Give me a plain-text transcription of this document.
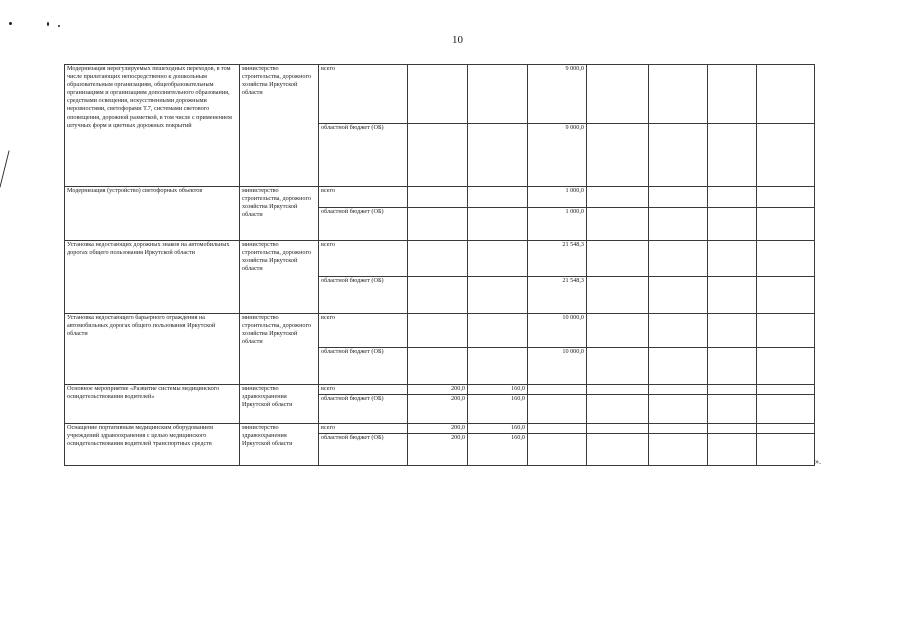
10
Модернизация нерегулируемых пешеходных переходов, в том числе прилегающих непосредственно к дошкольным образовательным организациям, общеобразовательным организациям и организациям дополнительного образования, средствами освещения, искусственными дорожными неровностями, светофорами Т.7, системами светового оповещения, дорожной разметкой, в том числе с применением штучных форм и цветных дорожных покрытий	министерство строительства, дорожного хозяйства Иркутской области	всего			9 000,0				
		областной бюджет (ОБ)			9 000,0				
Модернизация (устройство) светофорных объектов	министерство строительства, дорожного хозяйства Иркутской области	всего			1 000,0				
		областной бюджет (ОБ)			1 000,0				
Установка недостающих дорожных знаков на автомобильных дорогах общего пользования Иркутской области	министерство строительства, дорожного хозяйства Иркутской области	всего			21 548,3				
		областной бюджет (ОБ)			21 548,3				
Установка недостающего барьерного ограждения на автомобильных дорогах общего пользования Иркутской области	министерство строительства, дорожного хозяйства Иркутской области	всего			10 000,0				
		областной бюджет (ОБ)			10 000,0				
Основное мероприятие «Развитие системы медицинского освидетельствования водителей»	министерство здравоохранения Иркутской области	всего	200,0	160,0					
		областной бюджет (ОБ)	200,0	160,0					
Оснащение портативным медицинским оборудованием учреждений здравоохранения с целью медицинского освидетельствования водителей транспортных средств	министерство здравоохранения Иркутской области	всего	200,0	160,0					
		областной бюджет (ОБ)	200,0	160,0					
».
